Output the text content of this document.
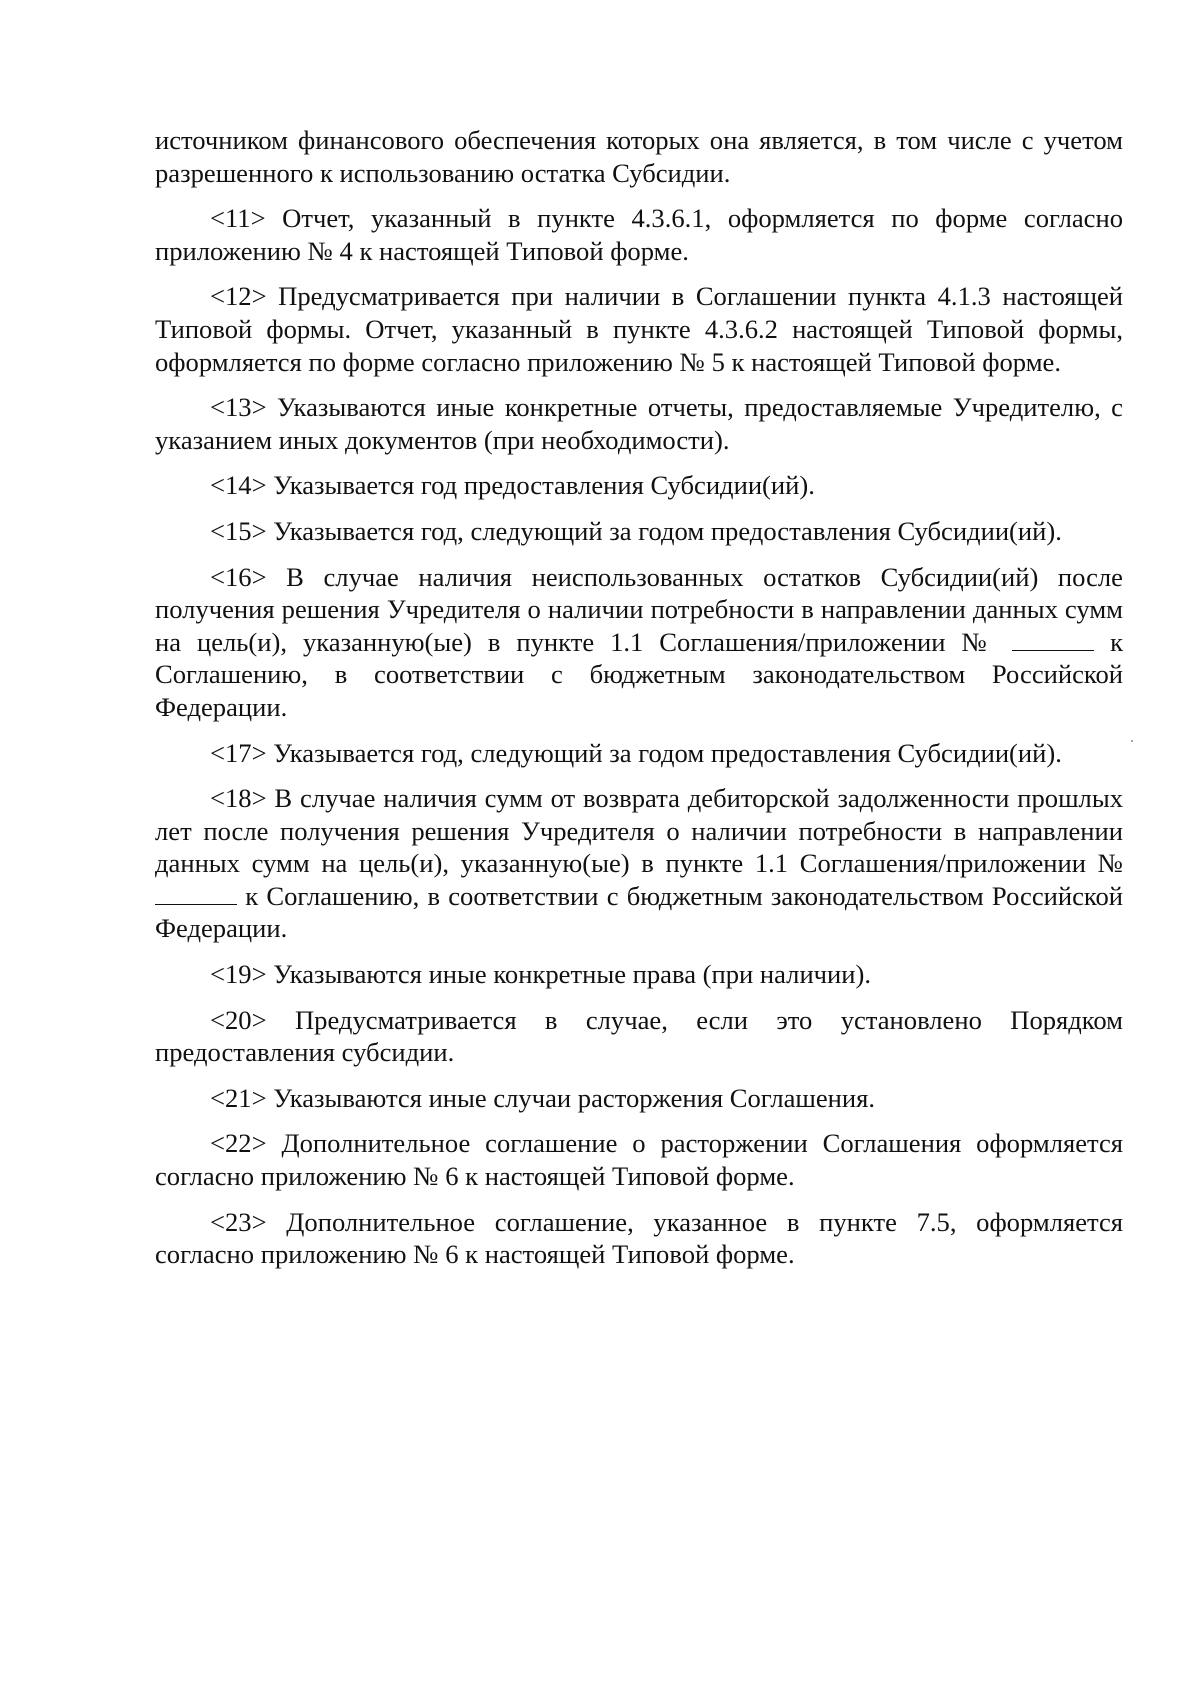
источником финансового обеспечения которых она является, в том числе с учетом разрешенного к использованию остатка Субсидии.

<11> Отчет, указанный в пункте 4.3.6.1, оформляется по форме согласно приложению № 4 к настоящей Типовой форме.

<12> Предусматривается при наличии в Соглашении пункта 4.1.3 настоящей Типовой формы. Отчет, указанный в пункте 4.3.6.2 настоящей Типовой формы, оформляется по форме согласно приложению № 5 к настоящей Типовой форме.

<13> Указываются иные конкретные отчеты, предоставляемые Учредителю, с указанием иных документов (при необходимости).

<14> Указывается год предоставления Субсидии(ий).

<15> Указывается год, следующий за годом предоставления Субсидии(ий).

<16> В случае наличия неиспользованных остатков Субсидии(ий) после получения решения Учредителя о наличии потребности в направлении данных сумм на цель(и), указанную(ые) в пункте 1.1 Соглашения/приложении №	к Соглашению, в соответствии с бюджетным законодательством Российской Федерации.

<17> Указывается год, следующий за годом предоставления Субсидии(ий).

<18> В случае наличия сумм от возврата дебиторской задолженности прошлых лет после получения решения Учредителя о наличии потребности в направлении данных сумм на цель(и), указанную(ые) в пункте 1.1 Соглашения/приложении №  к Соглашению, в соответствии с бюджетным законодательством Российской Федерации.

<19> Указываются иные конкретные права (при наличии).

<20> Предусматривается в случае, если это установлено Порядком предоставления субсидии.

<21> Указываются иные случаи расторжения Соглашения.

<22> Дополнительное соглашение о расторжении Соглашения оформляется согласно приложению № 6 к настоящей Типовой форме.

<23> Дополнительное соглашение, указанное в пункте 7.5, оформляется согласно приложению № 6 к настоящей Типовой форме.
